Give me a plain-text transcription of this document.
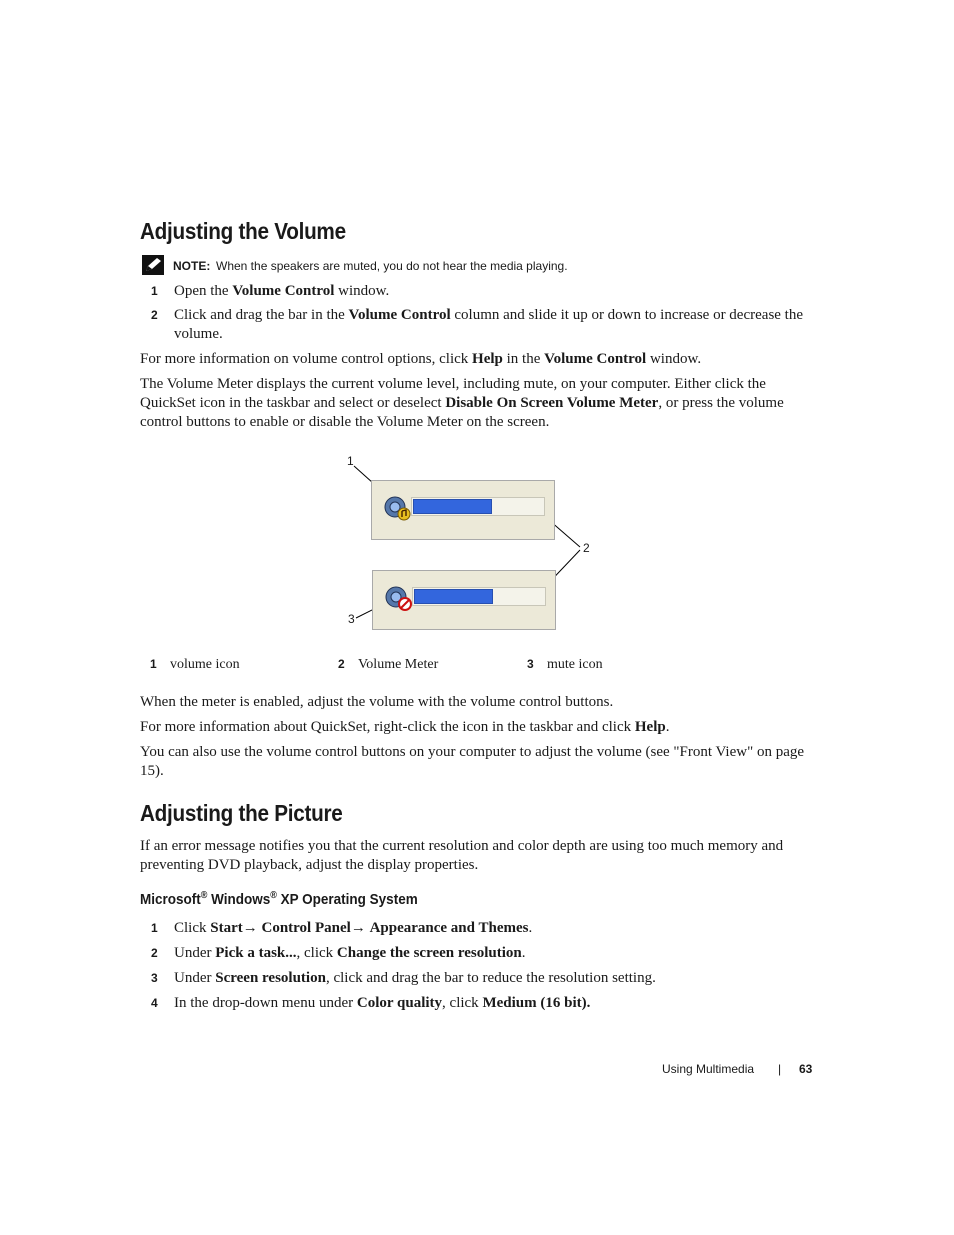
Adjusting the Volume
NOTE: When the speakers are muted, you do not hear the media playing.
1 Open the Volume Control window.
2 Click and drag the bar in the Volume Control column and slide it up or down to increase or decrease the volume.

For more information on volume control options, click Help in the Volume Control window.

The Volume Meter displays the current volume level, including mute, on your computer. Either click the QuickSet icon in the taskbar and select or deselect Disable On Screen Volume Meter, or press the volume control buttons to enable or disable the Volume Meter on the screen.

1
2
3
1 volume icon	2 Volume Meter	3 mute icon

When the meter is enabled, adjust the volume with the volume control buttons.

For more information about QuickSet, right-click the icon in the taskbar and click Help.

You can also use the volume control buttons on your computer to adjust the volume (see "Front View" on page 15).

Adjusting the Picture

If an error message notifies you that the current resolution and color depth are using too much memory and preventing DVD playback, adjust the display properties.

Microsoft® Windows® XP Operating System
1 Click Start→ Control Panel→ Appearance and Themes.
2 Under Pick a task..., click Change the screen resolution.
3 Under Screen resolution, click and drag the bar to reduce the resolution setting.
4 In the drop-down menu under Color quality, click Medium (16 bit).
Using Multimedia | 63
